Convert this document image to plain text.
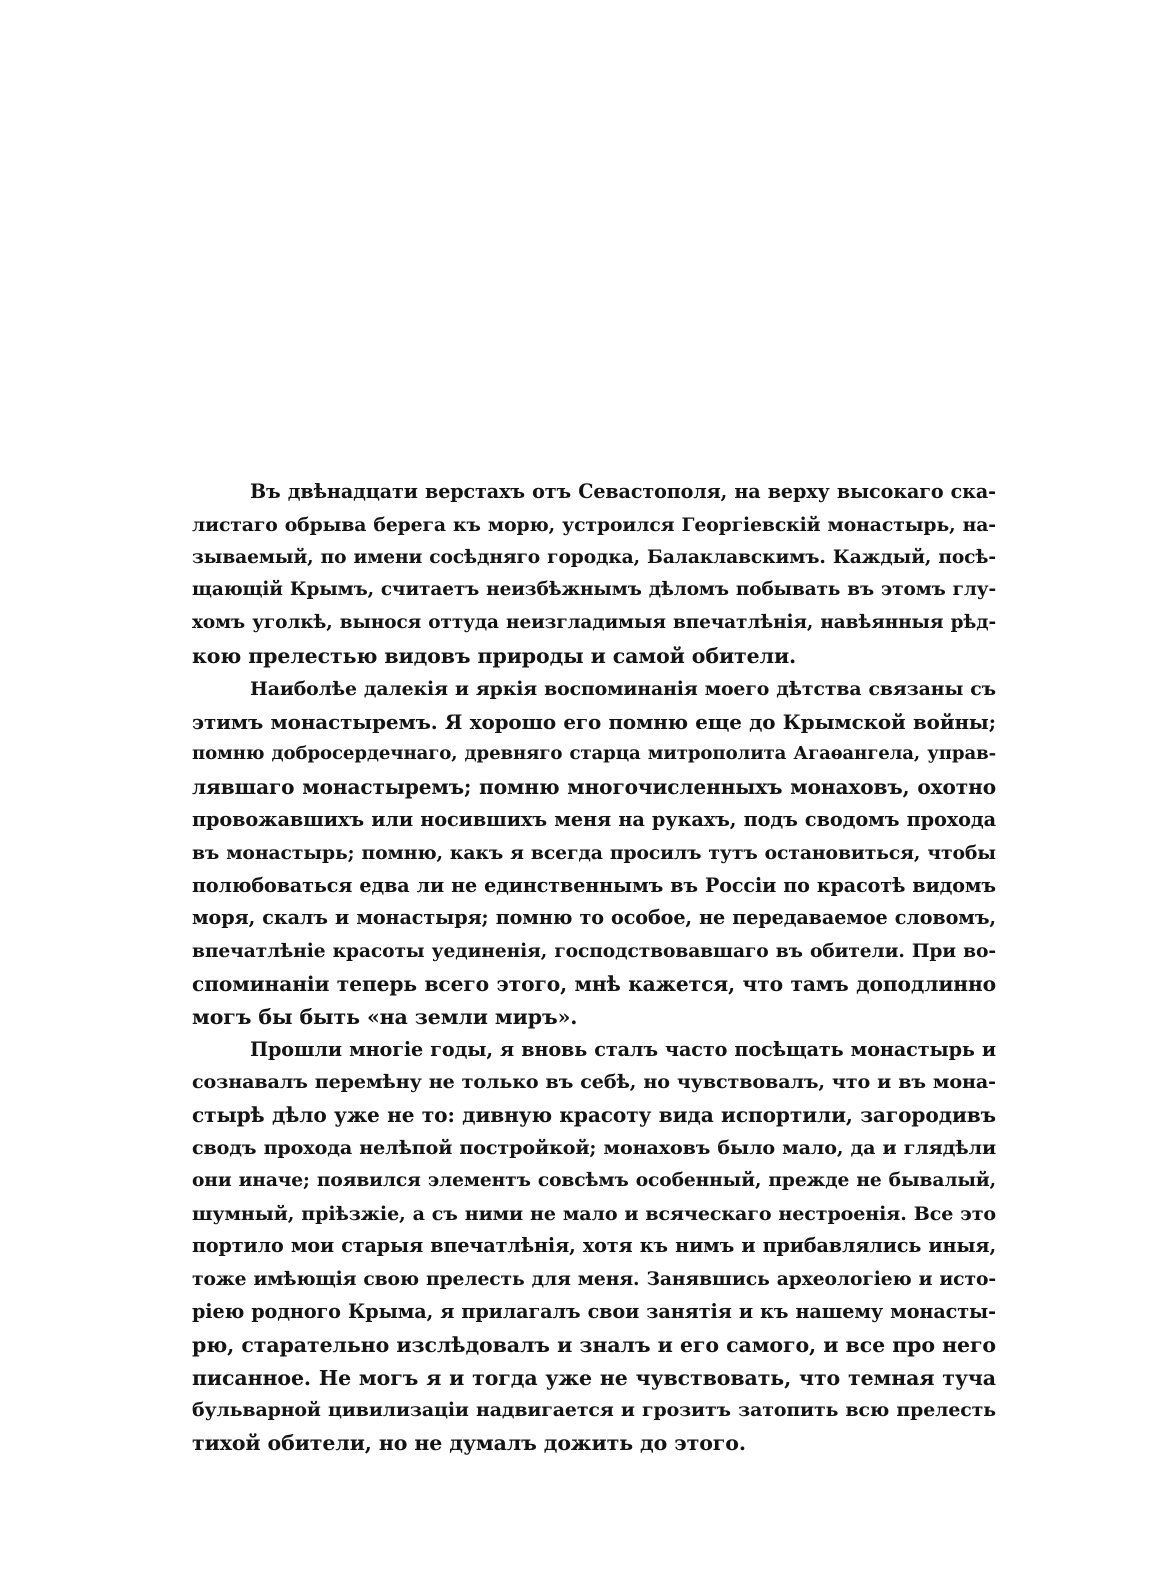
Въ двѣнадцати верстахъ отъ Севастополя, на верху высокаго ска-
листаго обрыва берега къ морю, устроился Георгіевскій монастырь, на-
зываемый, по имени сосѣдняго городка, Балаклавскимъ. Каждый, посѣ-
щающій Крымъ, считаетъ неизбѣжнымъ дѣломъ побывать въ этомъ глу-
хомъ уголкѣ, вынося оттуда неизгладимыя впечатлѣнія, навѣянныя рѣд-
кою прелестью видовъ природы и самой обители.
Наиболѣе далекія и яркія воспоминанія моего дѣтства связаны съ
этимъ монастыремъ. Я хорошо его помню еще до Крымской войны;
помню добросердечнаго, древняго старца митрополита Агаѳангела, управ-
лявшаго монастыремъ; помню многочисленныхъ монаховъ, охотно
провожавшихъ или носившихъ меня на рукахъ, подъ сводомъ прохода
въ монастырь; помню, какъ я всегда просилъ тутъ остановиться, чтобы
полюбоваться едва ли не единственнымъ въ Россіи по красотѣ видомъ
моря, скалъ и монастыря; помню то особое, не передаваемое словомъ,
впечатлѣніе красоты уединенія, господствовавшаго въ обители. При во-
споминаніи теперь всего этого, мнѣ кажется, что тамъ доподлинно
могъ бы быть «на земли миръ».
Прошли многіе годы, я вновь сталъ часто посѣщать монастырь и
сознавалъ перемѣну не только въ себѣ, но чувствовалъ, что и въ мона-
стырѣ дѣло уже не то: дивную красоту вида испортили, загородивъ
сводъ прохода нелѣпой постройкой; монаховъ было мало, да и глядѣли
они иначе; появился элементъ совсѣмъ особенный, прежде не бывалый,
шумный, пріѣзжіе, а съ ними не мало и всяческаго нестроенія. Все это
портило мои старыя впечатлѣнія, хотя къ нимъ и прибавлялись иныя,
тоже имѣющія свою прелесть для меня. Занявшись археологіею и исто-
ріею родного Крыма, я прилагалъ свои занятія и къ нашему монасты-
рю, старательно изслѣдовалъ и зналъ и его самого, и все про него
писанное. Не могъ я и тогда уже не чувствовать, что темная туча
бульварной цивилизаціи надвигается и грозитъ затопить всю прелесть
тихой обители, но не думалъ дожить до этого.
